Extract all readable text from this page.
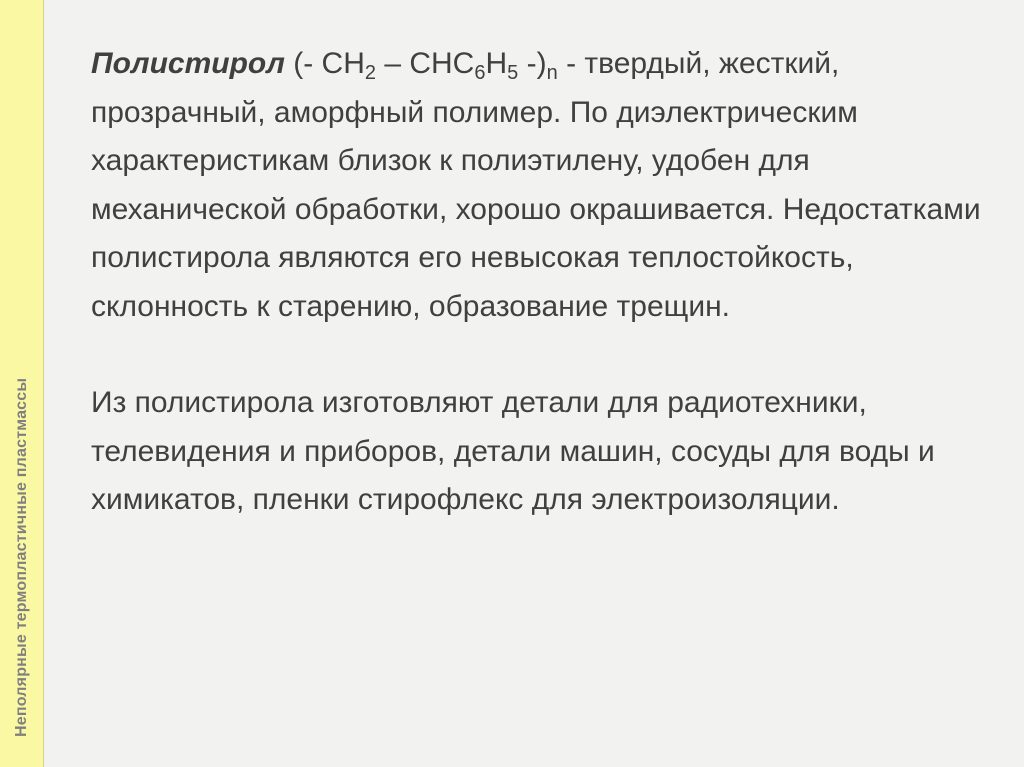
Неполярные термопластичные пластмассы

Полистирол (- $CH_2 - CHC_6H_5$ $-)_n$ - твердый, жесткий, прозрачный, аморфный полимер. По диэлектрическим характеристикам близок к полиэтилену, удобен для механической обработки, хорошо окрашивается. Недостатками полистирола являются его невысокая теплостойкость, склонность к старению, образование трещин.

Из полистирола изготовляют детали для радиотехники, телевидения и приборов, детали машин, сосуды для воды и химикатов, пленки стирофлекс для электроизоляции.
